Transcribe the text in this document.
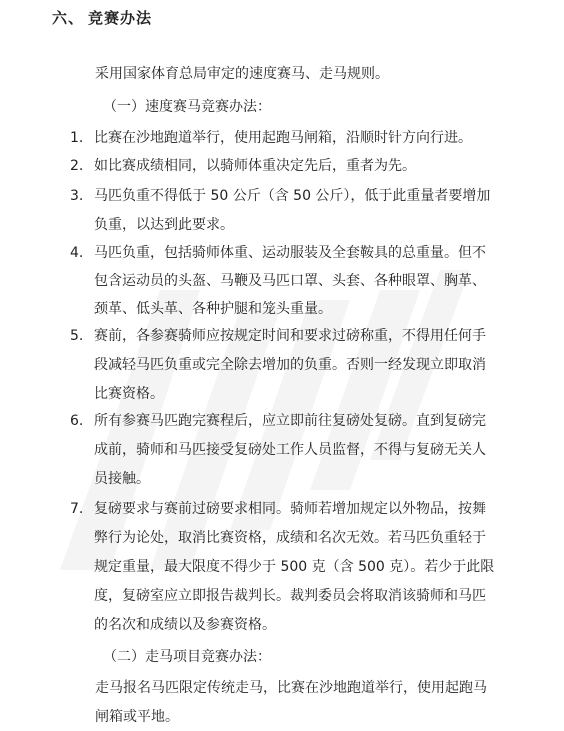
六、 竞赛办法
采用国家体育总局审定的速度赛马、走马规则。
（一）速度赛马竞赛办法：
1. 比赛在沙地跑道举行，使用起跑马闸箱，沿顺时针方向行进。
2. 如比赛成绩相同，以骑师体重决定先后，重者为先。
3. 马匹负重不得低于 50 公斤（含 50 公斤），低于此重量者要增加
负重，以达到此要求。
4. 马匹负重，包括骑师体重、运动服装及全套鞍具的总重量。但不
包含运动员的头盔、马鞭及马匹口罩、头套、各种眼罩、胸革、
颈革、低头革、各种护腿和笼头重量。
5. 赛前，各参赛骑师应按规定时间和要求过磅称重，不得用任何手
段减轻马匹负重或完全除去增加的负重。否则一经发现立即取消
比赛资格。
6. 所有参赛马匹跑完赛程后，应立即前往复磅处复磅。直到复磅完
成前，骑师和马匹接受复磅处工作人员监督，不得与复磅无关人
员接触。
7. 复磅要求与赛前过磅要求相同。骑师若增加规定以外物品，按舞
弊行为论处，取消比赛资格，成绩和名次无效。若马匹负重轻于
规定重量，最大限度不得少于 500 克（含 500 克）。若少于此限
度，复磅室应立即报告裁判长。裁判委员会将取消该骑师和马匹
的名次和成绩以及参赛资格。
（二）走马项目竞赛办法：
走马报名马匹限定传统走马，比赛在沙地跑道举行，使用起跑马
闸箱或平地。
